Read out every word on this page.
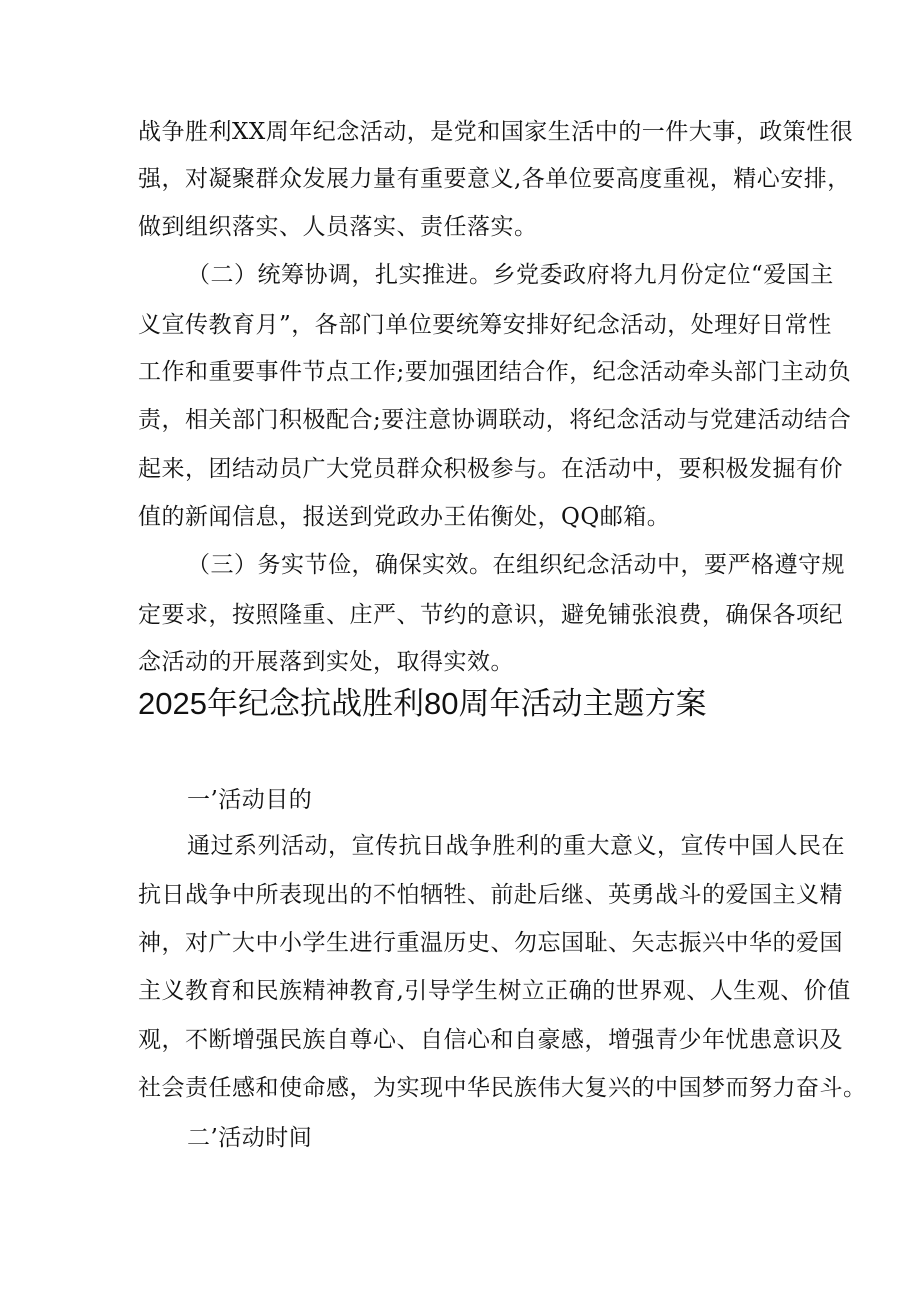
战争胜利XX周年纪念活动，是党和国家生活中的一件大事，政策性很
强，对凝聚群众发展力量有重要意义,各单位要高度重视，精心安排，
做到组织落实、人员落实、责任落实。
（二）统筹协调，扎实推进。乡党委政府将九月份定位“爱国主
义宣传教育月”，各部门单位要统筹安排好纪念活动，处理好日常性
工作和重要事件节点工作;要加强团结合作，纪念活动牵头部门主动负
责，相关部门积极配合;要注意协调联动，将纪念活动与党建活动结合
起来，团结动员广大党员群众积极参与。在活动中，要积极发掘有价
值的新闻信息，报送到党政办王佑衡处，QQ邮箱。
（三）务实节俭，确保实效。在组织纪念活动中，要严格遵守规
定要求，按照隆重、庄严、节约的意识，避免铺张浪费，确保各项纪
念活动的开展落到实处，取得实效。
2025年纪念抗战胜利80周年活动主题方案
一’活动目的
通过系列活动，宣传抗日战争胜利的重大意义，宣传中国人民在
抗日战争中所表现出的不怕牺牲、前赴后继、英勇战斗的爱国主义精
神，对广大中小学生进行重温历史、勿忘国耻、矢志振兴中华的爱国
主义教育和民族精神教育,引导学生树立正确的世界观、人生观、价值
观，不断增强民族自尊心、自信心和自豪感，增强青少年忧患意识及
社会责任感和使命感，为实现中华民族伟大复兴的中国梦而努力奋斗。
二’活动时间
